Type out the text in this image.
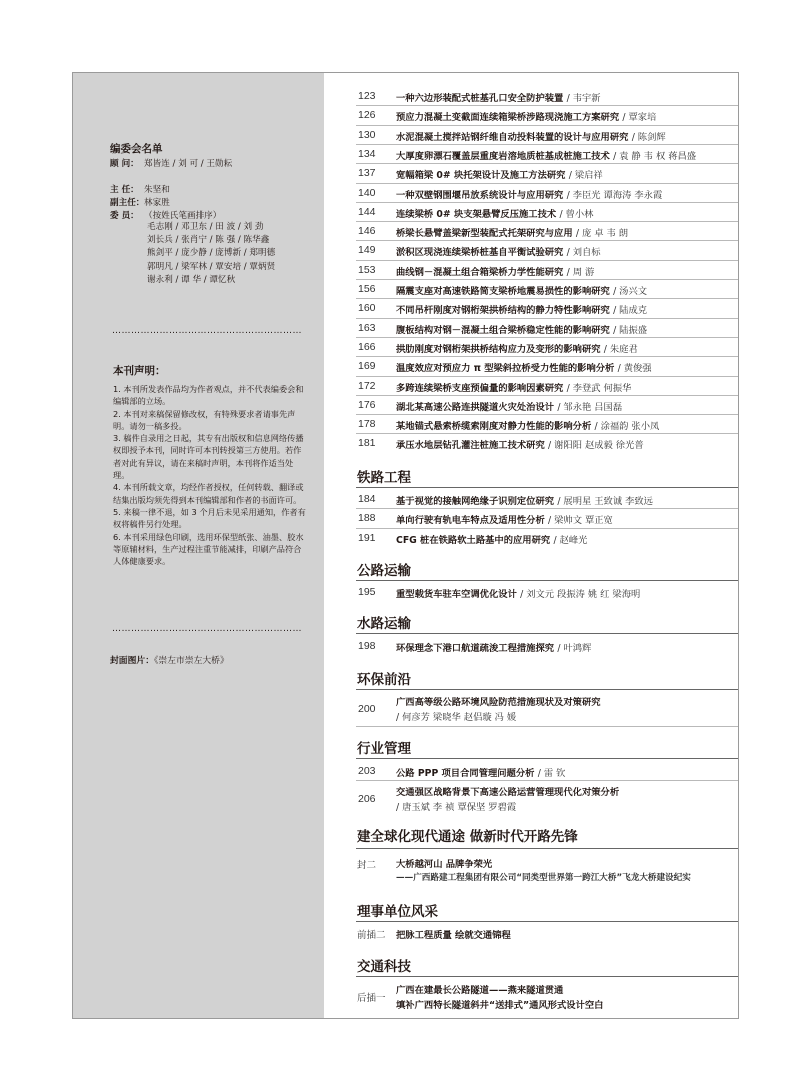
编委会名单
顾 问： 郑皆连 / 刘 可 / 王勋耘
主 任： 朱坚和
副主任：林家胜
委 员： （按姓氏笔画排序）
毛志刚 / 邓卫东 / 田 波 / 刘 劲
刘长兵 / 张肖宁 / 陈 强 / 陈华鑫
熊剑平 / 庞少静 / 庞博新 / 郑明德
郭明凡 / 梁军林 / 覃安培 / 覃炳贤
谢永利 / 谭 华 / 谭忆秋
……………………………………………………
本刊声明：

1. 本刊所发表作品均为作者观点，并不代表编委会和编辑部的立场。

2. 本刊对来稿保留修改权，有特殊要求者请事先声明。请勿一稿多投。

3. 稿件自录用之日起，其专有出版权和信息网络传播权即授予本刊，同时许可本刊转授第三方使用。若作者对此有异议，请在来稿时声明，本刊将作适当处理。

4. 本刊所载文章，均经作者授权，任何转载、翻译或结集出版均须先得到本刊编辑部和作者的书面许可。

5. 来稿一律不退，如 3 个月后未见采用通知，作者有权将稿件另行处理。

6. 本刊采用绿色印刷，选用环保型纸张、油墨、胶水等原辅材料，生产过程注重节能减排，印刷产品符合人体健康要求。

……………………………………………………
封面图片：《崇左市崇左大桥》
123 一种六边形装配式桩基孔口安全防护装置 / 韦宇新
126 预应力混凝土变截面连续箱梁桥涉路现浇施工方案研究 / 覃家培
130 水泥混凝土搅拌站钢纤维自动投料装置的设计与应用研究 / 陈剑辉
134 大厚度卵漂石覆盖层重度岩溶地质桩基成桩施工技术 / 袁 静 韦 权 蒋昌盛
137 宽幅箱梁 0# 块托架设计及施工方法研究 / 梁启祥
140 一种双壁钢围堰吊放系统设计与应用研究 / 李臣光 谭海涛 李永霞
144 连续梁桥 0# 块支架悬臂反压施工技术 / 曾小林
146 桥梁长悬臂盖梁新型装配式托架研究与应用 / 庞 卓 韦 朗
149 淤积区现浇连续梁桥桩基自平衡试验研究 / 刘自标
153 曲线钢－混凝土组合箱梁桥力学性能研究 / 周 游
156 隔震支座对高速铁路简支梁桥地震易损性的影响研究 / 汤兴文
160 不同吊杆刚度对钢桁架拱桥结构的静力特性影响研究 / 陆成克
163 腹板结构对钢－混凝土组合梁桥稳定性能的影响研究 / 陆振盛
166 拱肋刚度对钢桁架拱桥结构应力及变形的影响研究 / 朱庭君
169 温度效应对预应力 π 型梁斜拉桥受力性能的影响分析 / 黄俊强
172 多跨连续梁桥支座预偏量的影响因素研究 / 李登武 何振华
176 湖北某高速公路连拱隧道火灾处治设计 / 邹永艳 吕国磊
178 某地锚式悬索桥缆索刚度对静力性能的影响分析 / 涂福韵 张小凤
181 承压水地层钻孔灌注桩施工技术研究 / 谢阳阳 赵成毅 徐光普
铁路工程
184 基于视觉的接触网绝缘子识别定位研究 / 展明星 王致诚 李致远
188 单向行驶有轨电车特点及适用性分析 / 梁帅文 覃正宽
191 CFG 桩在铁路软土路基中的应用研究 / 赵峰光
公路运输
195 重型载货车驻车空调优化设计 / 刘文元 段振涛 姚 红 梁海明
水路运输
198 环保理念下港口航道疏浚工程措施探究 / 叶鸿辉
环保前沿
200
广西高等级公路环境风险防范措施现状及对策研究
/ 何彦芳 梁晓华 赵侣璇 冯 媛
行业管理
203 公路 PPP 项目合同管理问题分析 / 雷 钦
206
交通强区战略背景下高速公路运营管理现代化对策分析
/ 唐玉斌 李 祯 覃保坚 罗碧霞
建全球化现代通途 做新时代开路先锋
封二 大桥越河山 品牌争荣光
——广西路建工程集团有限公司“同类型世界第一跨江大桥”飞龙大桥建设纪实
理事单位风采
前插二 把脉工程质量 绘就交通锦程
交通科技
后插一
广西在建最长公路隧道——燕来隧道贯通
填补广西特长隧道斜井“送排式”通风形式设计空白
